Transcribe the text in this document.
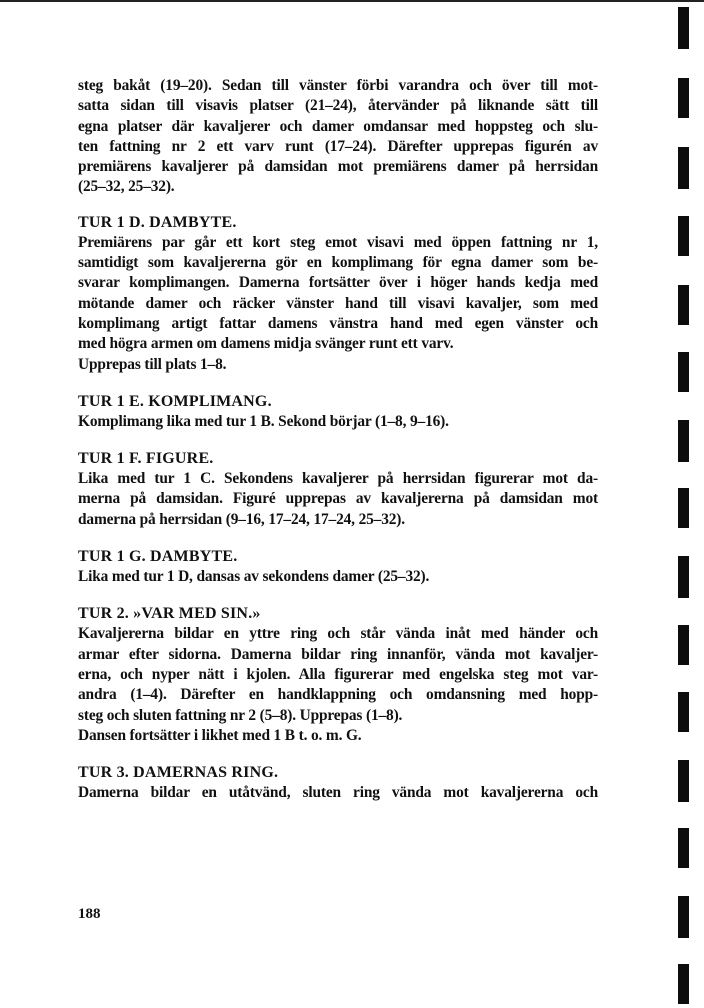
steg bakåt (19–20). Sedan till vänster förbi varandra och över till mot-
satta sidan till visavis platser (21–24), återvänder på liknande sätt till
egna platser där kavaljerer och damer omdansar med hoppsteg och slu-
ten fattning nr 2 ett varv runt (17–24). Därefter upprepas figurén av
premiärens kavaljerer på damsidan mot premiärens damer på herrsidan
(25–32, 25–32).

TUR 1 D. DAMBYTE.

Premiärens par går ett kort steg emot visavi med öppen fattning nr 1,
samtidigt som kavaljererna gör en komplimang för egna damer som be-
svarar komplimangen. Damerna fortsätter över i höger hands kedja med
mötande damer och räcker vänster hand till visavi kavaljer, som med
komplimang artigt fattar damens vänstra hand med egen vänster och
med högra armen om damens midja svänger runt ett varv.
Upprepas till plats 1–8.

TUR 1 E. KOMPLIMANG.

Komplimang lika med tur 1 B. Sekond börjar (1–8, 9–16).

TUR 1 F. FIGURE.

Lika med tur 1 C. Sekondens kavaljerer på herrsidan figurerar mot da-
merna på damsidan. Figuré upprepas av kavaljererna på damsidan mot
damerna på herrsidan (9–16, 17–24, 17–24, 25–32).

TUR 1 G. DAMBYTE.

Lika med tur 1 D, dansas av sekondens damer (25–32).

TUR 2. »VAR MED SIN.»

Kavaljererna bildar en yttre ring och står vända inåt med händer och
armar efter sidorna. Damerna bildar ring innanför, vända mot kavaljer-
erna, och nyper nätt i kjolen. Alla figurerar med engelska steg mot var-
andra (1–4). Därefter en handklappning och omdansning med hopp-
steg och sluten fattning nr 2 (5–8). Upprepas (1–8).
Dansen fortsätter i likhet med 1 B t. o. m. G.

TUR 3. DAMERNAS RING.

Damerna bildar en utåtvänd, sluten ring vända mot kavaljererna och

188
